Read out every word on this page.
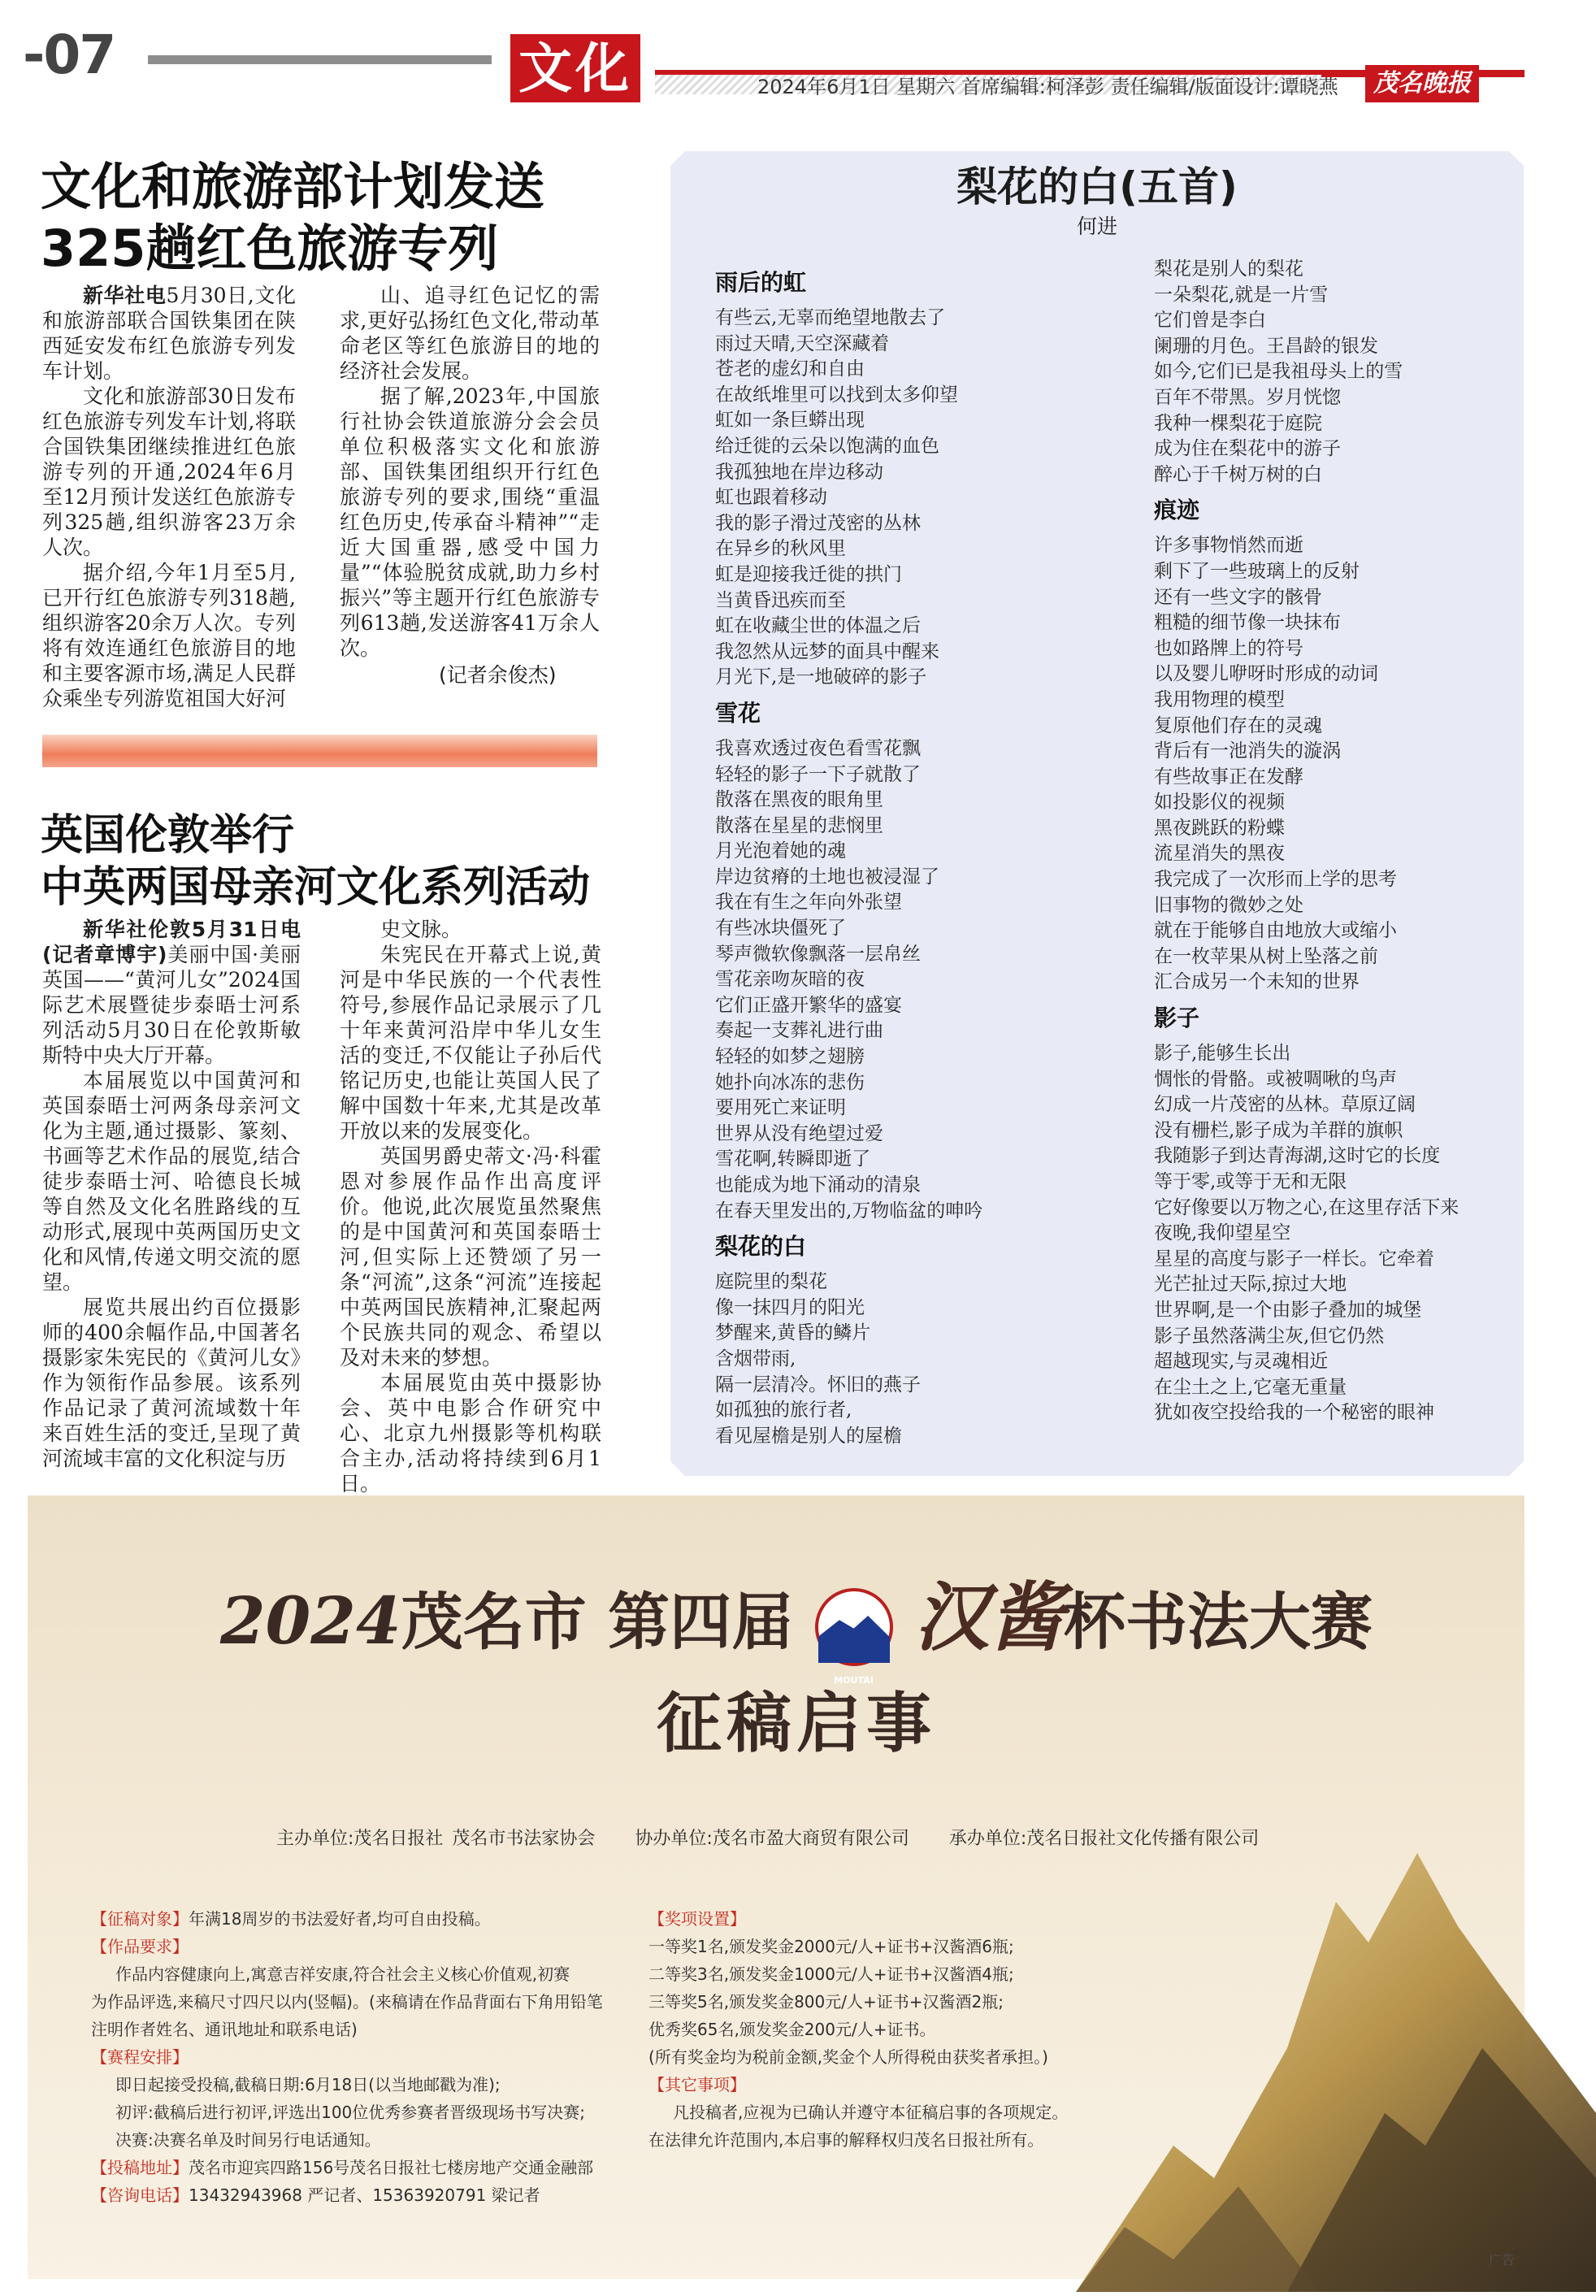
-07	文化	2024年6月1日 星期六 首席编辑:柯泽彭 责任编辑/版面设计:谭晓燕	茂名晚报
文化和旅游部计划发送325趟红色旅游专列

新华社电5月30日,文化和旅游部联合国铁集团在陕西延安发布红色旅游专列发车计划。

文化和旅游部30日发布红色旅游专列发车计划,将联合国铁集团继续推进红色旅游专列的开通,2024年6月至12月预计发送红色旅游专列325趟,组织游客23万余人次。

据介绍,今年1月至5月,已开行红色旅游专列318趟,组织游客20余万人次。专列将有效连通红色旅游目的地和主要客源市场,满足人民群众乘坐专列游览祖国大好河

山、追寻红色记忆的需求,更好弘扬红色文化,带动革命老区等红色旅游目的地的经济社会发展。

据了解,2023年,中国旅行社协会铁道旅游分会会员单位积极落实文化和旅游部、国铁集团组织开行红色旅游专列的要求,围绕“重温红色历史,传承奋斗精神”“走近大国重器,感受中国力量”“体验脱贫成就,助力乡村振兴”等主题开行红色旅游专列613趟,发送游客41万余人次。

(记者余俊杰)
英国伦敦举行
中英两国母亲河文化系列活动

新华社伦敦5月31日电(记者章博宇)美丽中国·美丽英国——“黄河儿女”2024国际艺术展暨徒步泰晤士河系列活动5月30日在伦敦斯敏斯特中央大厅开幕。

本届展览以中国黄河和英国泰晤士河两条母亲河文化为主题,通过摄影、篆刻、书画等艺术作品的展览,结合徒步泰晤士河、哈德良长城等自然及文化名胜路线的互动形式,展现中英两国历史文化和风情,传递文明交流的愿望。

展览共展出约百位摄影师的400余幅作品,中国著名摄影家朱宪民的《黄河儿女》作为领衔作品参展。该系列作品记录了黄河流域数十年来百姓生活的变迁,呈现了黄河流域丰富的文化积淀与历

史文脉。

朱宪民在开幕式上说,黄河是中华民族的一个代表性符号,参展作品记录展示了几十年来黄河沿岸中华儿女生活的变迁,不仅能让子孙后代铭记历史,也能让英国人民了解中国数十年来,尤其是改革开放以来的发展变化。

英国男爵史蒂文·冯·科霍恩对参展作品作出高度评价。他说,此次展览虽然聚焦的是中国黄河和英国泰晤士河,但实际上还赞颂了另一条“河流”,这条“河流”连接起中英两国民族精神,汇聚起两个民族共同的观念、希望以及对未来的梦想。

本届展览由英中摄影协会、英中电影合作研究中心、北京九州摄影等机构联合主办,活动将持续到6月1日。

梨花的白(五首)
何进
雨后的虹
有些云,无辜而绝望地散去了
雨过天晴,天空深藏着
苍老的虚幻和自由
在故纸堆里可以找到太多仰望
虹如一条巨蟒出现
给迁徙的云朵以饱满的血色
我孤独地在岸边移动
虹也跟着移动
我的影子滑过茂密的丛林
在异乡的秋风里
虹是迎接我迁徙的拱门
当黄昏迅疾而至
虹在收藏尘世的体温之后
我忽然从远梦的面具中醒来
月光下,是一地破碎的影子
雪花
我喜欢透过夜色看雪花飘
轻轻的影子一下子就散了
散落在黑夜的眼角里
散落在星星的悲悯里
月光泡着她的魂
岸边贫瘠的土地也被浸湿了
我在有生之年向外张望
有些冰块僵死了
琴声微软像飘落一层帛丝
雪花亲吻灰暗的夜
它们正盛开繁华的盛宴
奏起一支葬礼进行曲
轻轻的如梦之翅膀
她扑向冰冻的悲伤
要用死亡来证明
世界从没有绝望过爱
雪花啊,转瞬即逝了
也能成为地下涌动的清泉
在春天里发出的,万物临盆的呻吟
梨花的白
庭院里的梨花
像一抹四月的阳光
梦醒来,黄昏的鳞片
含烟带雨,
隔一层清冷。怀旧的燕子
如孤独的旅行者,
看见屋檐是别人的屋檐
梨花是别人的梨花
一朵梨花,就是一片雪
它们曾是李白
阑珊的月色。王昌龄的银发
如今,它们已是我祖母头上的雪
百年不带黑。岁月恍惚
我种一棵梨花于庭院
成为住在梨花中的游子
醉心于千树万树的白
痕迹
许多事物悄然而逝
剩下了一些玻璃上的反射
还有一些文字的骸骨
粗糙的细节像一块抹布
也如路牌上的符号
以及婴儿咿呀时形成的动词
我用物理的模型
复原他们存在的灵魂
背后有一池消失的漩涡
有些故事正在发酵
如投影仪的视频
黑夜跳跃的粉蝶
流星消失的黑夜
我完成了一次形而上学的思考
旧事物的微妙之处
就在于能够自由地放大或缩小
在一枚苹果从树上坠落之前
汇合成另一个未知的世界
影子
影子,能够生长出
惆怅的骨骼。或被啁啾的鸟声
幻成一片茂密的丛林。草原辽阔
没有栅栏,影子成为羊群的旗帜
我随影子到达青海湖,这时它的长度
等于零,或等于无和无限
它好像要以万物之心,在这里存活下来
夜晚,我仰望星空
星星的高度与影子一样长。它牵着
光芒扯过天际,掠过大地
世界啊,是一个由影子叠加的城堡
影子虽然落满尘灰,但它仍然
超越现实,与灵魂相近
在尘土之上,它毫无重量
犹如夜空投给我的一个秘密的眼神
2024茂名市 第四届
MOUTAI
汉酱杯书法大赛
征稿启事
主办单位:茂名日报社 茂名市书法家协会 协办单位:茂名市盈大商贸有限公司 承办单位:茂名日报社文化传播有限公司
【征稿对象】年满18周岁的书法爱好者,均可自由投稿。
【作品要求】
作品内容健康向上,寓意吉祥安康,符合社会主义核心价值观,初赛
为作品评选,来稿尺寸四尺以内(竖幅)。(来稿请在作品背面右下角用铅笔
注明作者姓名、通讯地址和联系电话)
【赛程安排】
即日起接受投稿,截稿日期:6月18日(以当地邮戳为准);
初评:截稿后进行初评,评选出100位优秀参赛者晋级现场书写决赛;
决赛:决赛名单及时间另行电话通知。
【投稿地址】茂名市迎宾四路156号茂名日报社七楼房地产交通金融部
【咨询电话】13432943968 严记者、15363920791 梁记者
【奖项设置】
一等奖1名,颁发奖金2000元/人+证书+汉酱酒6瓶;
二等奖3名,颁发奖金1000元/人+证书+汉酱酒4瓶;
三等奖5名,颁发奖金800元/人+证书+汉酱酒2瓶;
优秀奖65名,颁发奖金200元/人+证书。
(所有奖金均为税前金额,奖金个人所得税由获奖者承担。)
【其它事项】
凡投稿者,应视为已确认并遵守本征稿启事的各项规定。
在法律允许范围内,本启事的解释权归茂名日报社所有。
广告
